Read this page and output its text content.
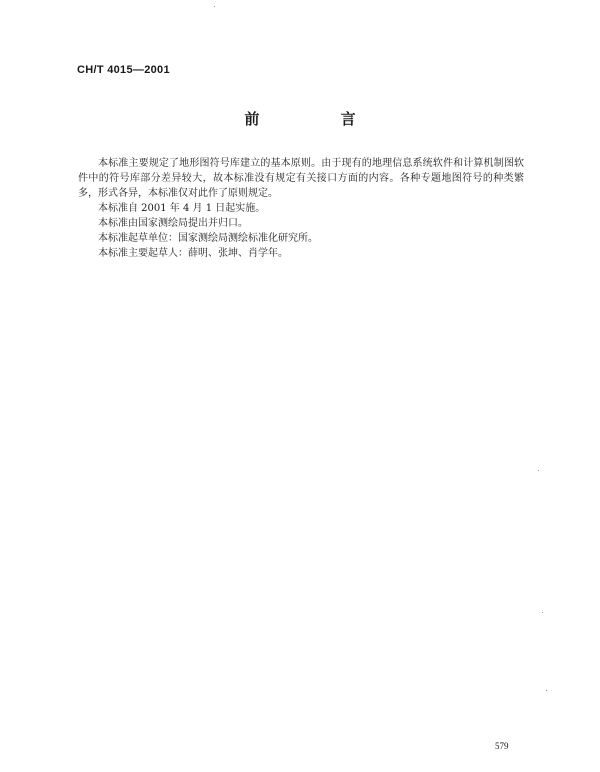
CH/T 4015—2001
前 言

本标准主要规定了地形图符号库建立的基本原则。由于现有的地理信息系统软件和计算机制图软件中的符号库部分差异较大，故本标准没有规定有关接口方面的内容。各种专题地图符号的种类繁多，形式各异，本标准仅对此作了原则规定。

本标准自 2001 年 4 月 1 日起实施。

本标准由国家测绘局提出并归口。

本标准起草单位：国家测绘局测绘标准化研究所。

本标准主要起草人：薛明、张坤、肖学年。

579
